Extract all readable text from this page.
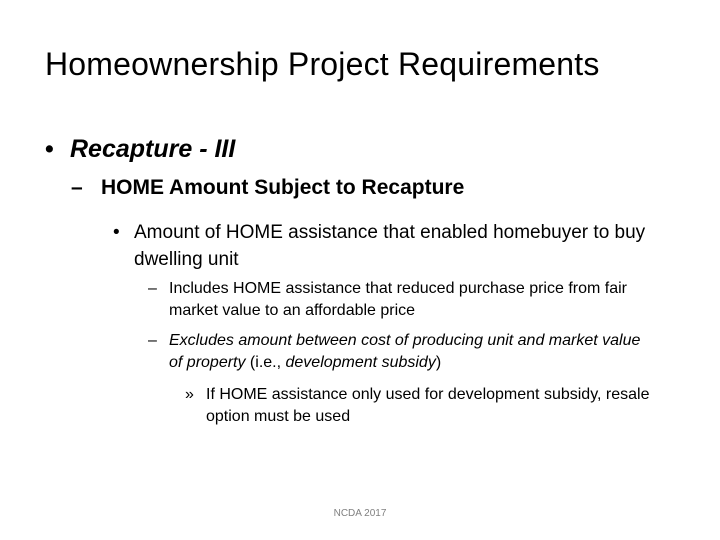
Homeownership Project Requirements
• Recapture - III
– HOME Amount Subject to Recapture
• Amount of HOME assistance that enabled homebuyer to buy dwelling unit
– Includes HOME assistance that reduced purchase price from fair market value to an affordable price
– Excludes amount between cost of producing unit and market value of property (i.e., development subsidy)
» If HOME assistance only used for development subsidy, resale option must be used
NCDA 2017
